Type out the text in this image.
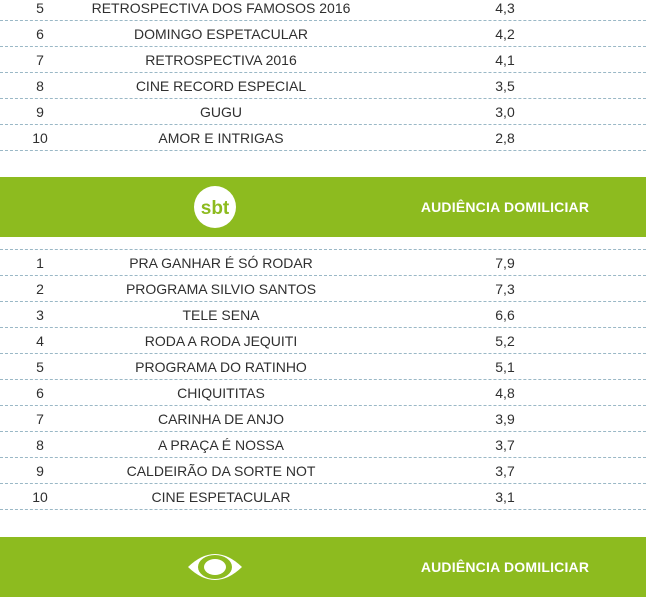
5	RETROSPECTIVA DOS FAMOSOS 2016	4,3
6	DOMINGO ESPETACULAR	4,2
7	RETROSPECTIVA 2016	4,1
8	CINE RECORD ESPECIAL	3,5
9	GUGU	3,0
10	AMOR E INTRIGAS	2,8
sbt	AUDIÊNCIA DOMILICIAR
1	PRA GANHAR É SÓ RODAR	7,9
2	PROGRAMA SILVIO SANTOS	7,3
3	TELE SENA	6,6
4	RODA A RODA JEQUITI	5,2
5	PROGRAMA DO RATINHO	5,1
6	CHIQUITITAS	4,8
7	CARINHA DE ANJO	3,9
8	A PRAÇA É NOSSA	3,7
9	CALDEIRÃO DA SORTE NOT	3,7
10	CINE ESPETACULAR	3,1
AUDIÊNCIA DOMILICIAR
